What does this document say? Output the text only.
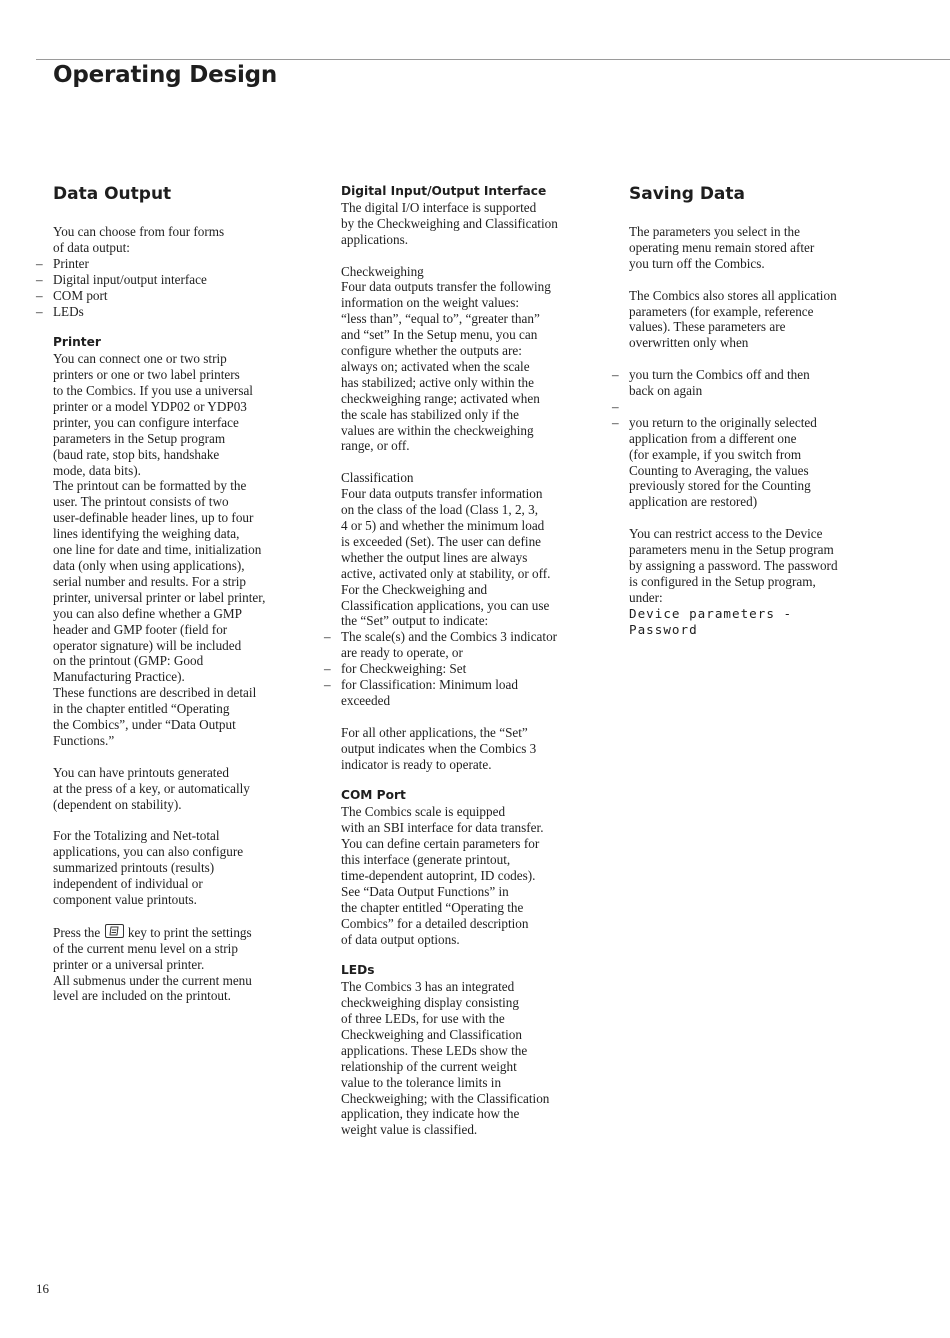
Operating Design
Data Output

You can choose from four forms
of data output:

– Printer
– Digital input/output interface
– COM port
– LEDs
Printer

You can connect one or two strip
printers or one or two label printers
to the Combics. If you use a universal
printer or a model YDP02 or YDP03
printer, you can configure interface
parameters in the Setup program
(baud rate, stop bits, handshake
mode, data bits).

The printout can be formatted by the
user. The printout consists of two
user-definable header lines, up to four
lines identifying the weighing data,
one line for date and time, initialization
data (only when using applications),
serial number and results. For a strip
printer, universal printer or label printer,
you can also define whether a GMP
header and GMP footer (field for
operator signature) will be included
on the printout (GMP: Good
Manufacturing Practice).

These functions are described in detail
in the chapter entitled “Operating
the Combics”, under “Data Output
Functions.”

You can have printouts generated
at the press of a key, or automatically
(dependent on stability).

For the Totalizing and Net-total
applications, you can also configure
summarized printouts (results)
independent of individual or
component value printouts.

Press the
key to print the settings
of the current menu level on a strip
printer or a universal printer.

All submenus under the current menu
level are included on the printout.

Digital Input/Output Interface

The digital I/O interface is supported
by the Checkweighing and Classification
applications.

Checkweighing

Four data outputs transfer the following
information on the weight values:
“less than”, “equal to”, “greater than”
and “set” In the Setup menu, you can
configure whether the outputs are:
always on; activated when the scale
has stabilized; active only within the
checkweighing range; activated when
the scale has stabilized only if the
values are within the checkweighing
range, or off.

Classification

Four data outputs transfer information
on the class of the load (Class 1, 2, 3,
4 or 5) and whether the minimum load
is exceeded (Set). The user can define
whether the output lines are always
active, activated only at stability, or off.

For the Checkweighing and
Classification applications, you can use
the “Set” output to indicate:

– The scale(s) and the Combics 3 indicator
are ready to operate, or
– for Checkweighing: Set
– for Classification: Minimum load
exceeded

For all other applications, the “Set”
output indicates when the Combics 3
indicator is ready to operate.

COM Port

The Combics scale is equipped
with an SBI interface for data transfer.
You can define certain parameters for
this interface (generate printout,
time-dependent autoprint, ID codes).
See “Data Output Functions” in
the chapter entitled “Operating the
Combics” for a detailed description
of data output options.

LEDs

The Combics 3 has an integrated
checkweighing display consisting
of three LEDs, for use with the
Checkweighing and Classification
applications. These LEDs show the
relationship of the current weight
value to the tolerance limits in
Checkweighing; with the Classification
application, they indicate how the
weight value is classified.

Saving Data

The parameters you select in the
operating menu remain stored after
you turn off the Combics.

The Combics also stores all application
parameters (for example, reference
values). These parameters are
overwritten only when

– you turn the Combics off and then
back on again
–
– you return to the originally selected
application from a different one
(for example, if you switch from
Counting to Averaging, the values
previously stored for the Counting
application are restored)

You can restrict access to the Device
parameters menu in the Setup program
by assigning a password. The password
is configured in the Setup program,
under:

Device parameters -
Password
16
